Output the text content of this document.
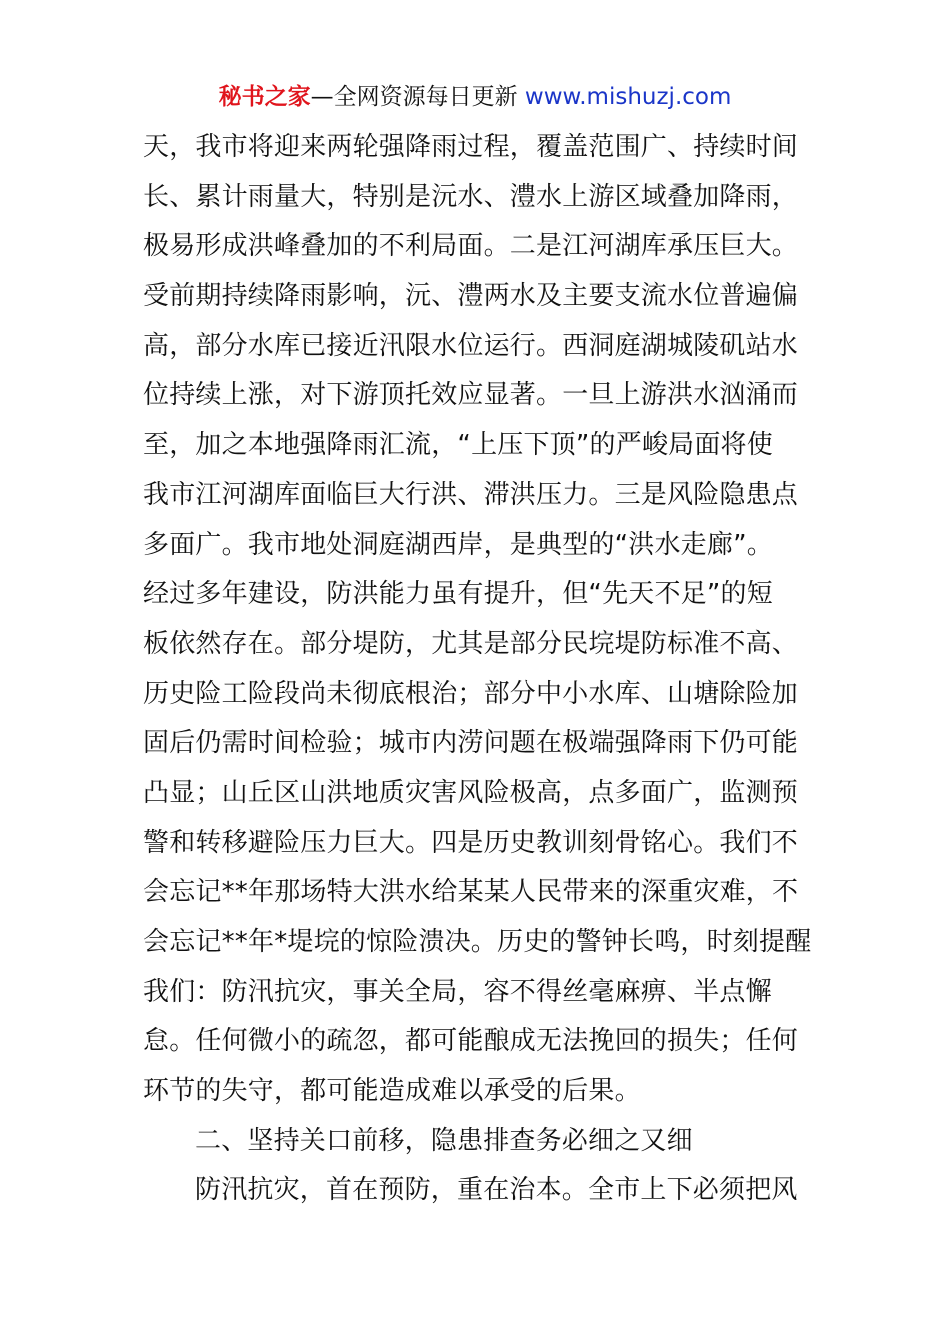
秘书之家—全网资源每日更新 www.mishuzj.com
天，我市将迎来两轮强降雨过程，覆盖范围广、持续时间
长、累计雨量大，特别是沅水、澧水上游区域叠加降雨，
极易形成洪峰叠加的不利局面。二是江河湖库承压巨大。
受前期持续降雨影响，沅、澧两水及主要支流水位普遍偏
高，部分水库已接近汛限水位运行。西洞庭湖城陵矶站水
位持续上涨，对下游顶托效应显著。一旦上游洪水汹涌而
至，加之本地强降雨汇流，“上压下顶”的严峻局面将使
我市江河湖库面临巨大行洪、滞洪压力。三是风险隐患点
多面广。我市地处洞庭湖西岸，是典型的“洪水走廊”。
经过多年建设，防洪能力虽有提升，但“先天不足”的短
板依然存在。部分堤防，尤其是部分民垸堤防标准不高、
历史险工险段尚未彻底根治；部分中小水库、山塘除险加
固后仍需时间检验；城市内涝问题在极端强降雨下仍可能
凸显；山丘区山洪地质灾害风险极高，点多面广，监测预
警和转移避险压力巨大。四是历史教训刻骨铭心。我们不
会忘记**年那场特大洪水给某某人民带来的深重灾难，不
会忘记**年*堤垸的惊险溃决。历史的警钟长鸣，时刻提醒
我们：防汛抗灾，事关全局，容不得丝毫麻痹、半点懈
怠。任何微小的疏忽，都可能酿成无法挽回的损失；任何
环节的失守，都可能造成难以承受的后果。
二、坚持关口前移，隐患排查务必细之又细
防汛抗灾，首在预防，重在治本。全市上下必须把风
